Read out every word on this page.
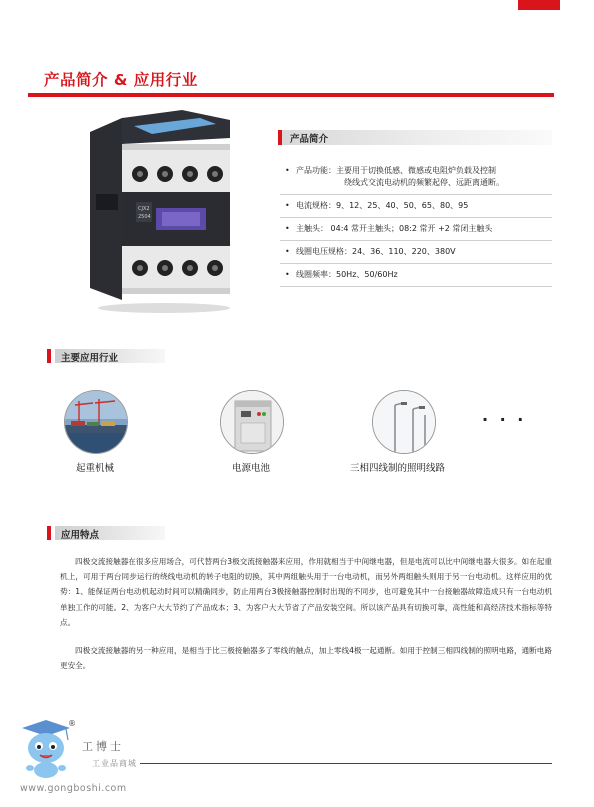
产品简介 & 应用行业
CJX2
2504
产品简介
• 产品功能：主要用于切换低感、微感或电阻炉负载及控制
绕线式交流电动机的频繁起停、远距离通断。
• 电流规格：9、12、25、40、50、65、80、95
• 主触头： 04:4 常开主触头；08:2 常开 +2 常闭主触头
• 线圈电压规格：24、36、110、220、380V
• 线圈频率：50Hz、50/60Hz
主要应用行业
起重机械	电源电池	三相四线制的照明线路
· · ·
应用特点
四极交流接触器在很多应用场合，可代替两台3极交流接触器来应用，作用就相当于中间继电器，但是电流可以比中间继电器大很多。如在起重机上，可用于两台同步运行的绕线电动机的转子电阻的切换，其中两组触头用于一台电动机，而另外两组触头则用于另一台电动机。这样应用的优势：1、能保证两台电动机起动时间可以精确同步，防止用两台3极接触器控制时出现的不同步，也可避免其中一台接触器故障造成只有一台电动机单独工作的可能。2、为客户大大节约了产品成本；3、为客户大大节省了产品安装空间。所以该产品具有切换可靠，高性能和高经济技术指标等特点。
四极交流接触器的另一种应用，是相当于比三极接触器多了零线的触点，加上零线4极一起通断。如用于控制三相四线制的照明电路，通断电路更安全。
®
工博士
工业品商城
www.gongboshi.com
